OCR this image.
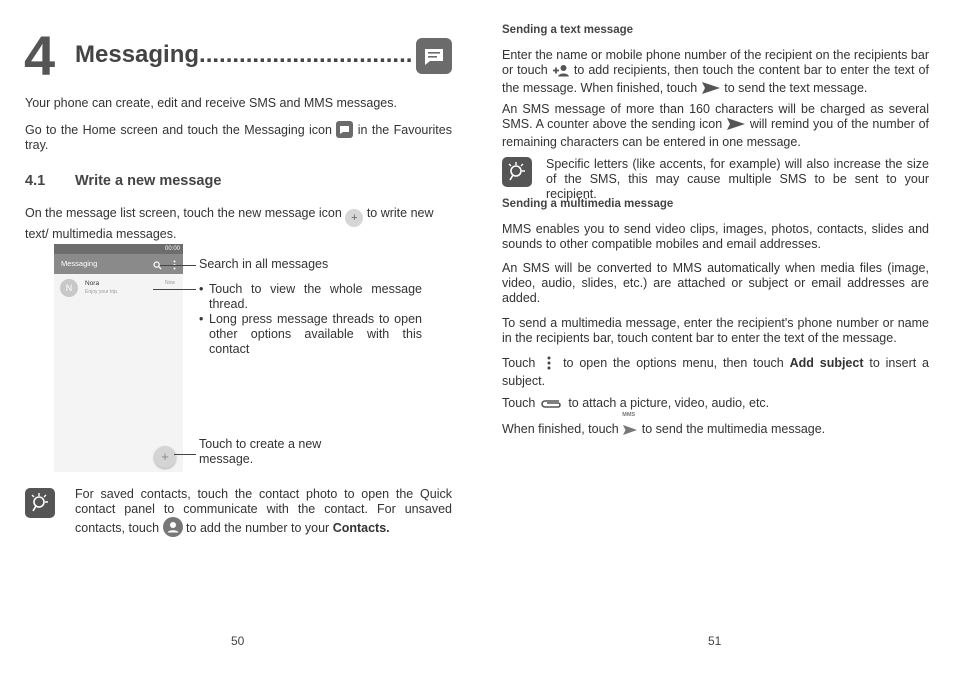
4 Messaging................................
Your phone can create, edit and receive SMS and MMS messages.
Go to the Home screen and touch the Messaging icon in the Favourites tray.
4.1 Write a new message
On the message list screen, touch the new message icon + to write new text/ multimedia messages.
00:00
Messaging
N	Nora
Enjoy your trip.
Now
+
Search in all messages
Touch to view the whole message thread.
•
Long press message threads to open other options available with this contact
•
Touch to create a new message.
For saved contacts, touch the contact photo to open the Quick contact panel to communicate with the contact. For unsaved contacts, touch to add the number to your Contacts.
50
Sending a text message
Enter the name or mobile phone number of the recipient on the recipients bar or touch to add recipients, then touch the content bar to enter the text of the message. When finished, touch to send the text message.
An SMS message of more than 160 characters will be charged as several SMS. A counter above the sending icon will remind you of the number of remaining characters can be entered in one message.
Specific letters (like accents, for example) will also increase the size of the SMS, this may cause multiple SMS to be sent to your recipient.
Sending a multimedia message
MMS enables you to send video clips, images, photos, contacts, slides and sounds to other compatible mobiles and email addresses.
An SMS will be converted to MMS automatically when media files (image, video, audio, slides, etc.) are attached or subject or email addresses are added.
To send a multimedia message, enter the recipient's phone number or name in the recipients bar, touch content bar to enter the text of the message.
Touch to open the options menu, then touch Add subject to insert a subject.
Touch	to attach a picture, video, audio, etc.
When finished, touch
MMS
to send the multimedia message.
51
